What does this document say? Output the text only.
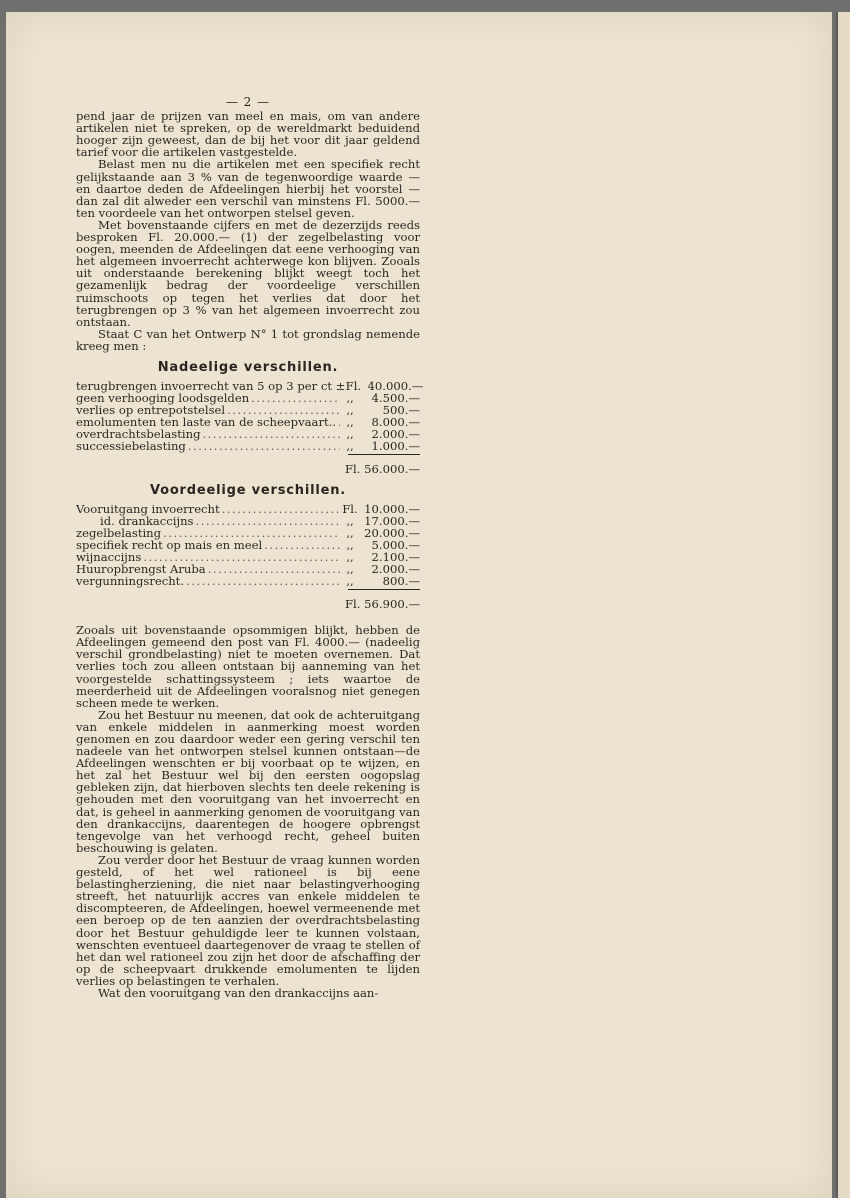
— 2 —

pend jaar de prijzen van meel en mais, om van andere artikelen niet te spreken, op de wereldmarkt beduidend hooger zijn geweest, dan de bij het voor dit jaar geldend tarief voor die artikelen vastgestelde.

Belast men nu die artikelen met een specifiek recht gelijkstaande aan 3 % van de tegenwoordige waarde — en daartoe deden de Afdeelingen hierbij het voorstel — dan zal dit alweder een verschil van minstens Fl. 5000.— ten voordeele van het ontworpen stelsel geven.

Met bovenstaande cijfers en met de dezerzijds reeds besproken Fl. 20.000.— (1) der zegelbelasting voor oogen, meenden de Afdeelingen dat eene verhooging van het algemeen invoerrecht achterwege kon blijven. Zooals uit onderstaande berekening blijkt weegt toch het gezamenlijk bedrag der voordeelige verschillen ruimschoots op tegen het verlies dat door het terugbrengen op 3 % van het algemeen invoerrecht zou ontstaan.

Staat C van het Ontwerp N° 1 tot grondslag nemende kreeg men :

Nadeelige verschillen.
terugbrengen invoerrecht van 5 op 3 per ct ± Fl. 40.000.—
geen verhooging loodsgelden .....	,,	4.500.—
verlies op entrepotstelsel .....	,,	500.—
emolumenten ten laste van de scheepvaart.. ..... ,,	8.000.—
overdrachtsbelasting .....	,,	2.000.—
successiebelasting .....	,,	1.000.—
Fl. 56.000.—
Voordeelige verschillen.
Vooruitgang invoerrecht .....	Fl. 10.000.—
id. drankaccijns .....	,, 17.000.—
zegelbelasting .....	,, 20.000.—
specifiek recht op mais en meel .....	,,	5.000.—
wijnaccijns .....	,,	2.100.—
Huuropbrengst Aruba .....	,,	2.000.—
vergunningsrecht. .....	,,	800.—
Fl. 56.900.—

Zooals uit bovenstaande opsommigen blijkt, hebben de Afdeelingen gemeend den post van Fl. 4000.— (nadeelig verschil grondbelasting) niet te moeten overnemen. Dat verlies toch zou alleen ontstaan bij aanneming van het voorgestelde schattingssysteem ; iets waartoe de meerderheid uit de Afdeelingen vooralsnog niet genegen scheen mede te werken.

Zou het Bestuur nu meenen, dat ook de achteruitgang van enkele middelen in aanmerking moest worden genomen en zou daardoor weder een gering verschil ten nadeele van het ontworpen stelsel kunnen ontstaan—de Afdeelingen wenschten er bij voorbaat op te wijzen, en het zal het Bestuur wel bij den eersten oogopslag gebleken zijn, dat hierboven slechts ten deele rekening is gehouden met den vooruitgang van het invoerrecht en dat, is geheel in aanmerking genomen de vooruitgang van den drankaccijns, daarentegen de hoogere opbrengst tengevolge van het verhoogd recht, geheel buiten beschouwing is gelaten.

Zou verder door het Bestuur de vraag kunnen worden gesteld, of het wel rationeel is bij eene belastingherziening, die niet naar belastingverhooging streeft, het natuurlijk accres van enkele middelen te discompteeren, de Afdeelingen, hoewel vermeenende met een beroep op de ten aanzien der overdrachtsbelasting door het Bestuur gehuldigde leer te kunnen volstaan, wenschten eventueel daartegenover de vraag te stellen of het dan wel rationeel zou zijn het door de afschaffing der op de scheepvaart drukkende emolumenten te lijden verlies op belastingen te verhalen.

Wat den vooruitgang van den drankaccijns aan-
